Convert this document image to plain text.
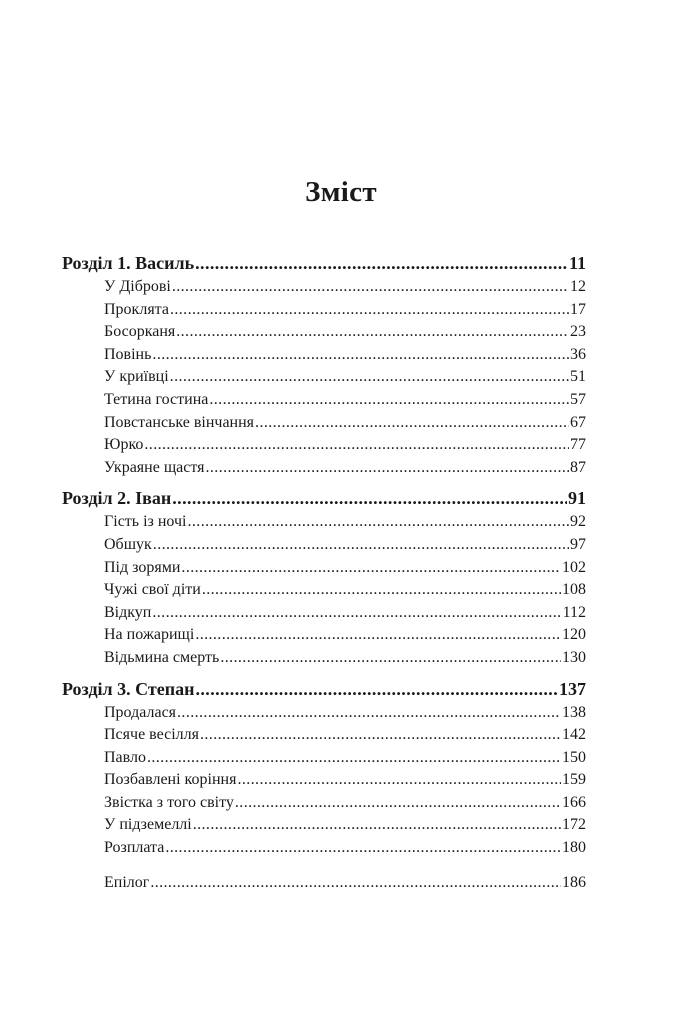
Зміст
Розділ 1. Василь .....	11
У Діброві .....	12
Проклята .....	17
Босорканя .....	23
Повінь .....	36
У криївці .....	51
Тетина гостина .....	57
Повстанське вінчання .....	67
Юрко .....	77
Украяне щастя .....	87
Розділ 2. Іван .....	91
Гість із ночі .....	92
Обшук .....	97
Під зорями .....	102
Чужі свої діти .....	108
Відкуп .....	112
На пожарищі .....	120
Відьмина смерть .....	130
Розділ 3. Степан .....	137
Продалася .....	138
Псяче весілля .....	142
Павло .....	150
Позбавлені коріння .....	159
Звістка з того світу .....	166
У підземеллі .....	172
Розплата .....	180
Епілог .....	186
